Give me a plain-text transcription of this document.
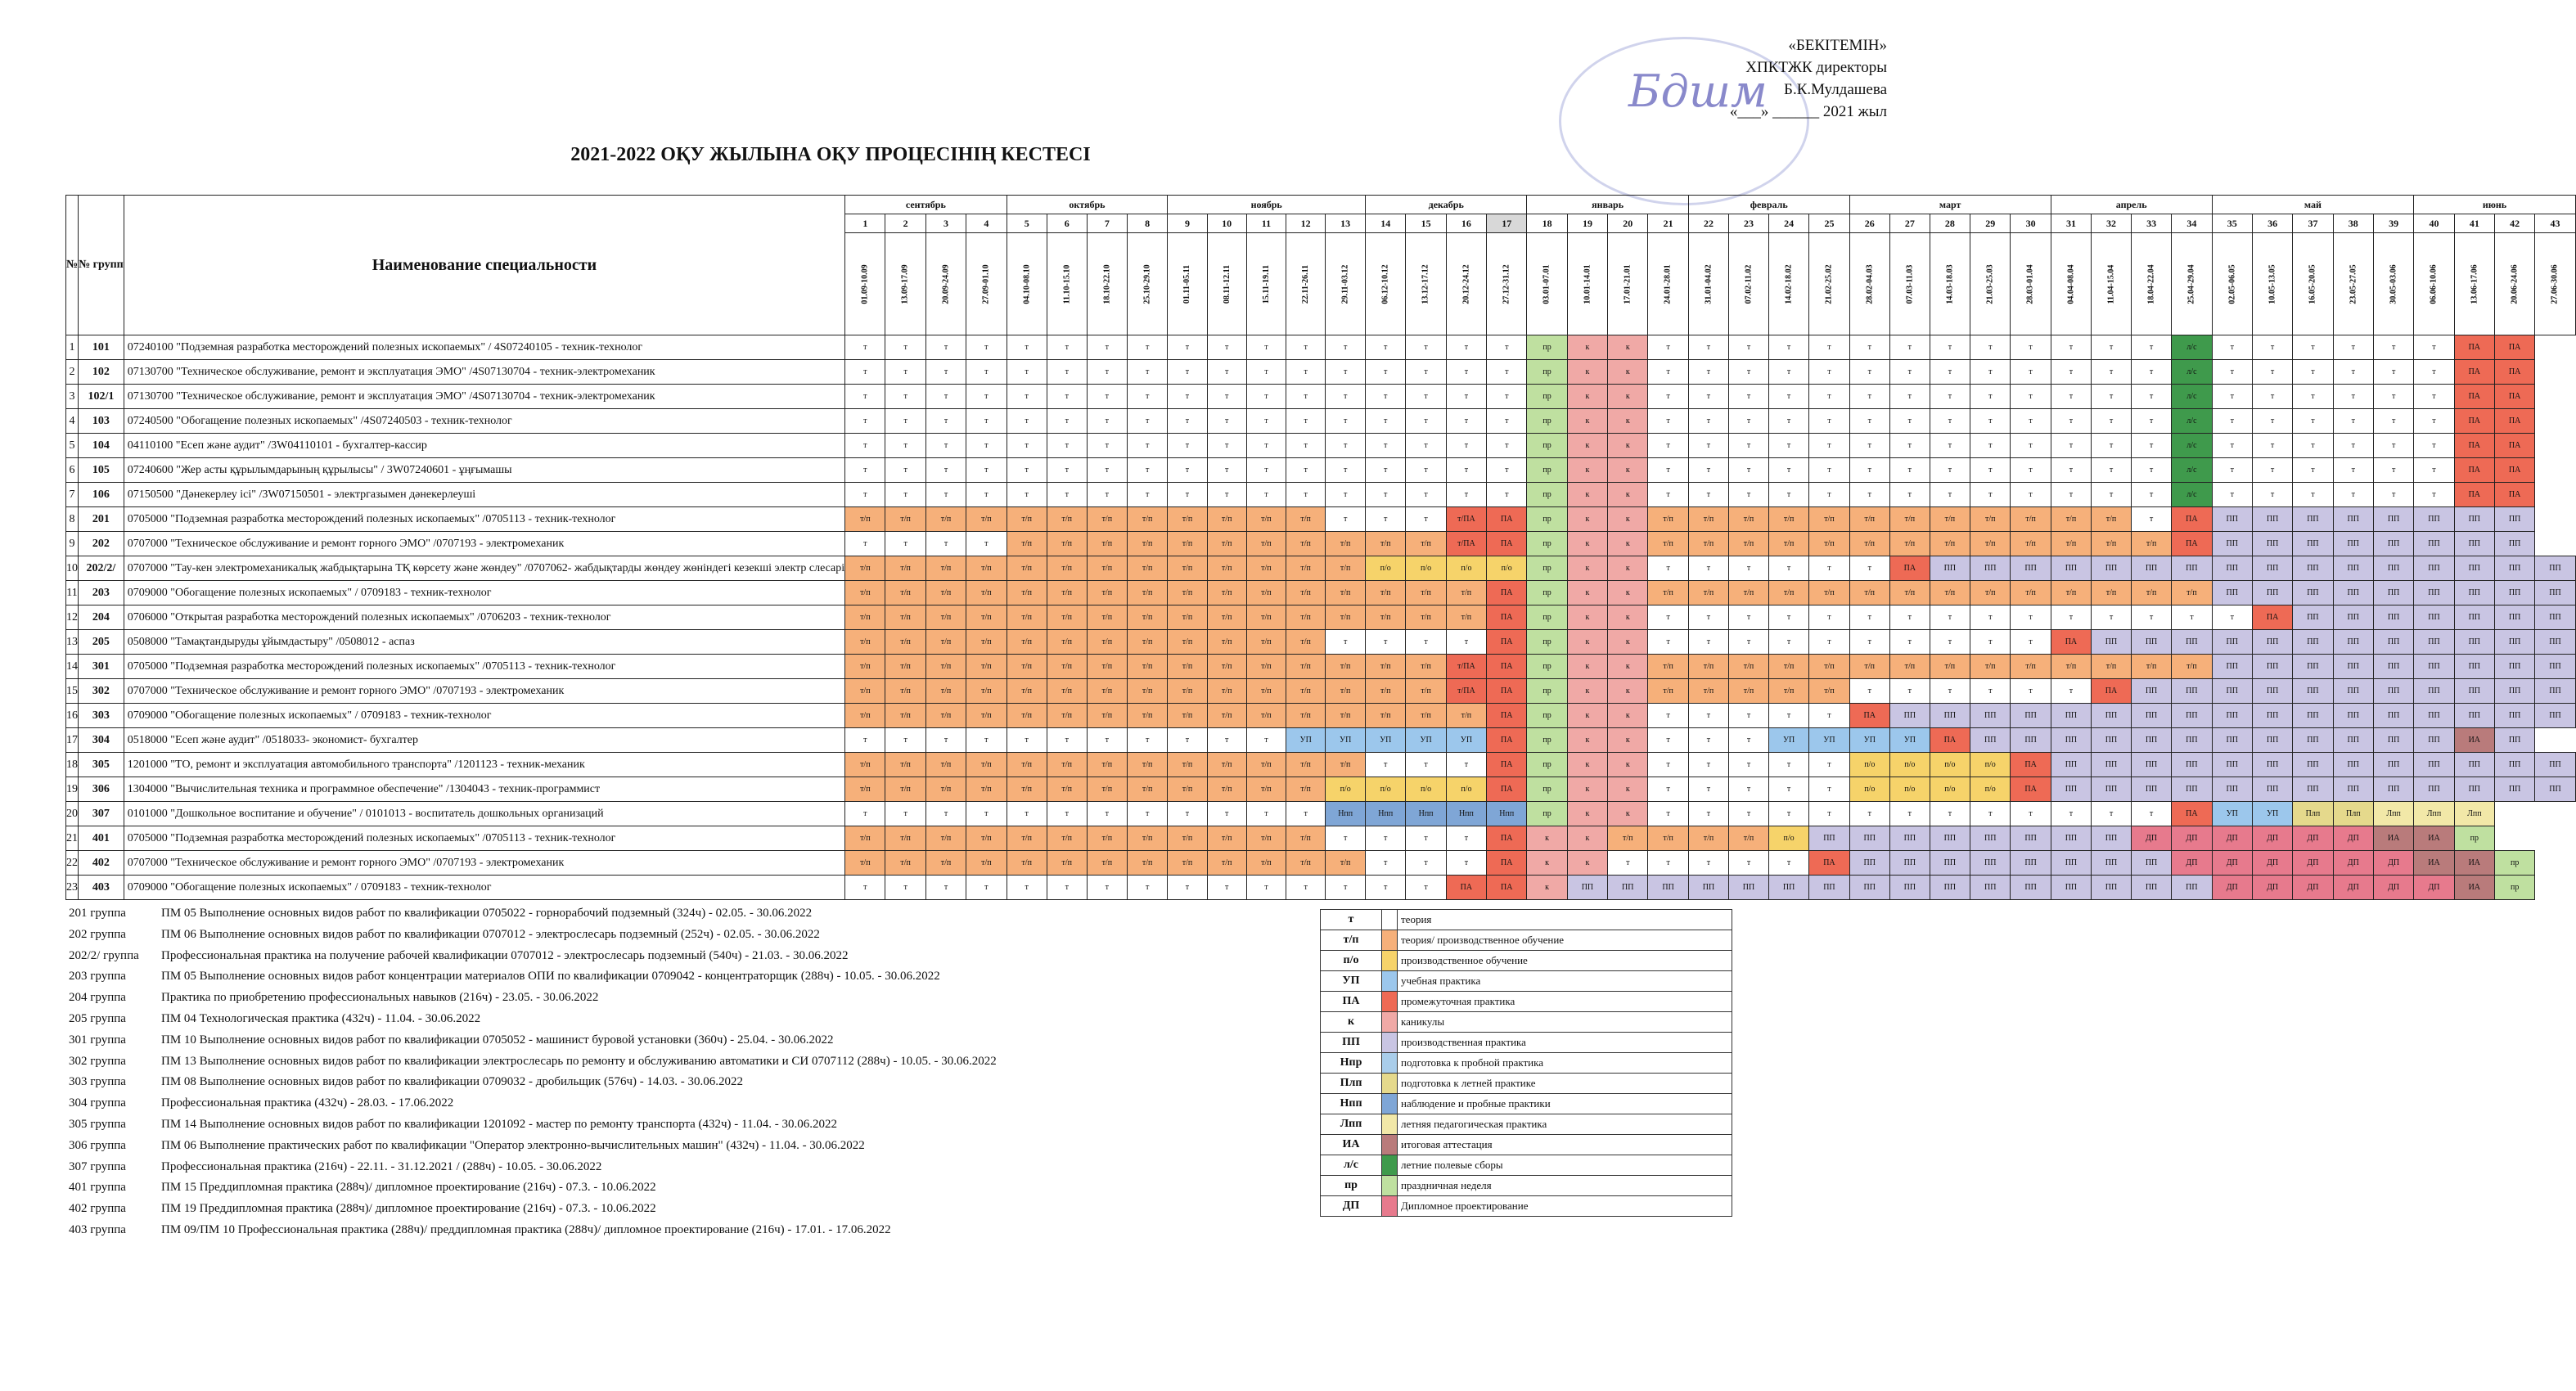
Бдшм
«БЕКІТЕМІН»
ХПКТЖК директоры
Б.К.Мулдашева
«___» ______ 2021 жыл
2021-2022 ОҚУ ЖЫЛЫНА ОҚУ ПРОЦЕСІНІҢ КЕСТЕСІ
№	№ групп	Наименование специальности	сентябрь				октябрь				ноябрь					декабрь				январь				февраль				март					апрель				май					июнь			
			1	2	3	4	5	6	7	8	9	10	11	12	13	14	15	16	17	18	19	20	21	22	23	24	25	26	27	28	29	30	31	32	33	34	35	36	37	38	39	40	41	42	43
			01.09-10.09	13.09-17.09	20.09-24.09	27.09-01.10	04.10-08.10	11.10-15.10	18.10-22.10	25.10-29.10	01.11-05.11	08.11-12.11	15.11-19.11	22.11-26.11	29.11-03.12	06.12-10.12	13.12-17.12	20.12-24.12	27.12-31.12	03.01-07.01	10.01-14.01	17.01-21.01	24.01-28.01	31.01-04.02	07.02-11.02	14.02-18.02	21.02-25.02	28.02-04.03	07.03-11.03	14.03-18.03	21.03-25.03	28.03-01.04	04.04-08.04	11.04-15.04	18.04-22.04	25.04-29.04	02.05-06.05	10.05-13.05	16.05-20.05	23.05-27.05	30.05-03.06	06.06-10.06	13.06-17.06	20.06-24.06	27.06-30.06
1	101	07240100 "Подземная разработка месторождений полезных ископаемых" / 4S07240105 - техник-технолог	т	т	т	т	т	т	т	т	т	т	т	т	т	т	т	т	т	пр	к	к	т	т	т	т	т	т	т	т	т	т	т	т	т	л/с	т	т	т	т	т	т	ПА	ПА	
2	102	07130700 "Техническое обслуживание, ремонт и эксплуатация ЭМО" /4S07130704 - техник-электромеханик	т	т	т	т	т	т	т	т	т	т	т	т	т	т	т	т	т	пр	к	к	т	т	т	т	т	т	т	т	т	т	т	т	т	л/с	т	т	т	т	т	т	ПА	ПА	
3	102/1	07130700 "Техническое обслуживание, ремонт и эксплуатация ЭМО" /4S07130704 - техник-электромеханик	т	т	т	т	т	т	т	т	т	т	т	т	т	т	т	т	т	пр	к	к	т	т	т	т	т	т	т	т	т	т	т	т	т	л/с	т	т	т	т	т	т	ПА	ПА	
4	103	07240500 "Обогащение полезных ископаемых" /4S07240503 - техник-технолог	т	т	т	т	т	т	т	т	т	т	т	т	т	т	т	т	т	пр	к	к	т	т	т	т	т	т	т	т	т	т	т	т	т	л/с	т	т	т	т	т	т	ПА	ПА	
5	104	04110100 "Есеп және аудит" /3W04110101 - бухгалтер-кассир	т	т	т	т	т	т	т	т	т	т	т	т	т	т	т	т	т	пр	к	к	т	т	т	т	т	т	т	т	т	т	т	т	т	л/с	т	т	т	т	т	т	ПА	ПА	
6	105	07240600 "Жер асты құрылымдарының құрылысы" / 3W07240601 - ұңғымашы	т	т	т	т	т	т	т	т	т	т	т	т	т	т	т	т	т	пр	к	к	т	т	т	т	т	т	т	т	т	т	т	т	т	л/с	т	т	т	т	т	т	ПА	ПА	
7	106	07150500 "Дәнекерлеу ісі" /3W07150501 - электргазымен дәнекерлеуші	т	т	т	т	т	т	т	т	т	т	т	т	т	т	т	т	т	пр	к	к	т	т	т	т	т	т	т	т	т	т	т	т	т	л/с	т	т	т	т	т	т	ПА	ПА	
8	201	0705000 "Подземная разработка месторождений полезных ископаемых" /0705113 - техник-технолог	т/п	т/п	т/п	т/п	т/п	т/п	т/п	т/п	т/п	т/п	т/п	т/п	т	т	т	т/ПА	ПА	пр	к	к	т/п	т/п	т/п	т/п	т/п	т/п	т/п	т/п	т/п	т/п	т/п	т/п	т	ПА	ПП	ПП	ПП	ПП	ПП	ПП	ПП	ПП	
9	202	0707000 "Техническое обслуживание и ремонт горного ЭМО" /0707193 - электромеханик	т	т	т	т	т/п	т/п	т/п	т/п	т/п	т/п	т/п	т/п	т/п	т/п	т/п	т/ПА	ПА	пр	к	к	т/п	т/п	т/п	т/п	т/п	т/п	т/п	т/п	т/п	т/п	т/п	т/п	т/п	ПА	ПП	ПП	ПП	ПП	ПП	ПП	ПП	ПП	
10	202/2/	0707000 "Тау-кен электромеханикалық жабдықтарына ТҚ көрсету және жөндеу" /0707062- жабдықтарды жөндеу жөніндегі кезекші электр слесарі	т/п	т/п	т/п	т/п	т/п	т/п	т/п	т/п	т/п	т/п	т/п	т/п	т/п	п/о	п/о	п/о	п/о	пр	к	к	т	т	т	т	т	т	ПА	ПП	ПП	ПП	ПП	ПП	ПП	ПП	ПП	ПП	ПП	ПП	ПП	ПП	ПП	ПП	ПП
11	203	0709000 "Обогащение полезных ископаемых" / 0709183 - техник-технолог	т/п	т/п	т/п	т/п	т/п	т/п	т/п	т/п	т/п	т/п	т/п	т/п	т/п	т/п	т/п	т/п	ПА	пр	к	к	т/п	т/п	т/п	т/п	т/п	т/п	т/п	т/п	т/п	т/п	т/п	т/п	т/п	т/п	ПП	ПП	ПП	ПП	ПП	ПП	ПП	ПП	ПП
12	204	0706000 "Открытая разработка месторождений полезных ископаемых" /0706203 - техник-технолог	т/п	т/п	т/п	т/п	т/п	т/п	т/п	т/п	т/п	т/п	т/п	т/п	т/п	т/п	т/п	т/п	ПА	пр	к	к	т	т	т	т	т	т	т	т	т	т	т	т	т	т	т	ПА	ПП	ПП	ПП	ПП	ПП	ПП	ПП
13	205	0508000 "Тамақтандыруды ұйымдастыру" /0508012 - аспаз	т/п	т/п	т/п	т/п	т/п	т/п	т/п	т/п	т/п	т/п	т/п	т/п	т	т	т	т	ПА	пр	к	к	т	т	т	т	т	т	т	т	т	т	ПА	ПП	ПП	ПП	ПП	ПП	ПП	ПП	ПП	ПП	ПП	ПП	ПП
14	301	0705000 "Подземная разработка месторождений полезных ископаемых" /0705113 - техник-технолог	т/п	т/п	т/п	т/п	т/п	т/п	т/п	т/п	т/п	т/п	т/п	т/п	т/п	т/п	т/п	т/ПА	ПА	пр	к	к	т/п	т/п	т/п	т/п	т/п	т/п	т/п	т/п	т/п	т/п	т/п	т/п	т/п	т/п	ПП	ПП	ПП	ПП	ПП	ПП	ПП	ПП	ПП
15	302	0707000 "Техническое обслуживание и ремонт горного ЭМО" /0707193 - электромеханик	т/п	т/п	т/п	т/п	т/п	т/п	т/п	т/п	т/п	т/п	т/п	т/п	т/п	т/п	т/п	т/ПА	ПА	пр	к	к	т/п	т/п	т/п	т/п	т/п	т	т	т	т	т	т	ПА	ПП	ПП	ПП	ПП	ПП	ПП	ПП	ПП	ПП	ПП	ПП
16	303	0709000 "Обогащение полезных ископаемых" / 0709183 - техник-технолог	т/п	т/п	т/п	т/п	т/п	т/п	т/п	т/п	т/п	т/п	т/п	т/п	т/п	т/п	т/п	т/п	ПА	пр	к	к	т	т	т	т	т	ПА	ПП	ПП	ПП	ПП	ПП	ПП	ПП	ПП	ПП	ПП	ПП	ПП	ПП	ПП	ПП	ПП	ПП
17	304	0518000 "Есеп және аудит" /0518033- экономист- бухгалтер	т	т	т	т	т	т	т	т	т	т	т	УП	УП	УП	УП	УП	ПА	пр	к	к	т	т	т	УП	УП	УП	УП	ПА	ПП	ПП	ПП	ПП	ПП	ПП	ПП	ПП	ПП	ПП	ПП	ПП	ИА	ПП	
18	305	1201000 "ТО, ремонт и эксплуатация автомобильного транспорта" /1201123 - техник-механик	т/п	т/п	т/п	т/п	т/п	т/п	т/п	т/п	т/п	т/п	т/п	т/п	т/п	т	т	т	ПА	пр	к	к	т	т	т	т	т	п/о	п/о	п/о	п/о	ПА	ПП	ПП	ПП	ПП	ПП	ПП	ПП	ПП	ПП	ПП	ПП	ПП	ПП
19	306	1304000 "Вычислительная техника и программное обеспечение" /1304043 - техник-программист	т/п	т/п	т/п	т/п	т/п	т/п	т/п	т/п	т/п	т/п	т/п	т/п	п/о	п/о	п/о	п/о	ПА	пр	к	к	т	т	т	т	т	п/о	п/о	п/о	п/о	ПА	ПП	ПП	ПП	ПП	ПП	ПП	ПП	ПП	ПП	ПП	ПП	ПП	ПП
20	307	0101000 "Дошкольное воспитание и обучение" / 0101013 - воспитатель дошкольных организаций	т	т	т	т	т	т	т	т	т	т	т	т	Нпп	Нпп	Нпп	Нпп	Нпп	пр	к	к	т	т	т	т	т	т	т	т	т	т	т	т	т	ПА	УП	УП	Плп	Плп	Лпп	Лпп	Лпп		
21	401	0705000 "Подземная разработка месторождений полезных ископаемых" /0705113 - техник-технолог	т/п	т/п	т/п	т/п	т/п	т/п	т/п	т/п	т/п	т/п	т/п	т/п	т	т	т	т	ПА	к	к	т/п	т/п	т/п	т/п	п/о	ПП	ПП	ПП	ПП	ПП	ПП	ПП	ПП	ДП	ДП	ДП	ДП	ДП	ДП	ИА	ИА	пр		
22	402	0707000 "Техническое обслуживание и ремонт горного ЭМО" /0707193 - электромеханик	т/п	т/п	т/п	т/п	т/п	т/п	т/п	т/п	т/п	т/п	т/п	т/п	т/п	т	т	т	ПА	к	к	т	т	т	т	т	ПА	ПП	ПП	ПП	ПП	ПП	ПП	ПП	ПП	ДП	ДП	ДП	ДП	ДП	ДП	ИА	ИА	пр	
23	403	0709000 "Обогащение полезных ископаемых" / 0709183 - техник-технолог	т	т	т	т	т	т	т	т	т	т	т	т	т	т	т	ПА	ПА	к	ПП	ПП	ПП	ПП	ПП	ПП	ПП	ПП	ПП	ПП	ПП	ПП	ПП	ПП	ПП	ПП	ДП	ДП	ДП	ДП	ДП	ДП	ИА	пр	
201 группа	ПМ 05 Выполнение основных видов работ по квалификации 0705022 - горнорабочий подземный (324ч) - 02.05. - 30.06.2022
202 группа	ПМ 06 Выполнение основных видов работ по квалификации 0707012 - электрослесарь подземный (252ч) - 02.05. - 30.06.2022
202/2/ группа Профессиональная практика на получение рабочей квалификации 0707012 - электрослесарь подземный (540ч) - 21.03. - 30.06.2022
203 группа	ПМ 05 Выполнение основных видов работ концентрации материалов ОПИ по квалификации 0709042 - концентраторщик (288ч) - 10.05. - 30.06.2022
204 группа	Практика по приобретению профессиональных навыков (216ч) - 23.05. - 30.06.2022
205 группа	ПМ 04 Технологическая практика (432ч) - 11.04. - 30.06.2022
301 группа	ПМ 10 Выполнение основных видов работ по квалификации 0705052 - машинист буровой установки (360ч) - 25.04. - 30.06.2022
302 группа	ПМ 13 Выполнение основных видов работ по квалификации электрослесарь по ремонту и обслуживанию автоматики и СИ 0707112 (288ч) - 10.05. - 30.06.2022
303 группа	ПМ 08 Выполнение основных видов работ по квалификации 0709032 - дробильщик (576ч) - 14.03. - 30.06.2022
304 группа	Профессиональная практика (432ч) - 28.03. - 17.06.2022
305 группа	ПМ 14 Выполнение основных видов работ по квалификации 1201092 - мастер по ремонту транспорта (432ч) - 11.04. - 30.06.2022
306 группа	ПМ 06 Выполнение практических работ по квалификации "Оператор электронно-вычислительных машин" (432ч) - 11.04. - 30.06.2022
307 группа	Профессиональная практика (216ч) - 22.11. - 31.12.2021 / (288ч) - 10.05. - 30.06.2022
401 группа	ПМ 15 Преддипломная практика (288ч)/ дипломное проектирование (216ч) - 07.3. - 10.06.2022
402 группа	ПМ 19 Преддипломная практика (288ч)/ дипломное проектирование (216ч) - 07.3. - 10.06.2022
403 группа	ПМ 09/ПМ 10 Профессиональная практика (288ч)/ преддипломная практика (288ч)/ дипломное проектирование (216ч) - 17.01. - 17.06.2022
т		теория
т/п		теория/ производственное обучение
п/о		производственное обучение
УП		учебная практика
ПА		промежуточная практика
к		каникулы
ПП		производственная практика
Нпр		подготовка к пробной практика
Плп		подготовка к летней практике
Нпп		наблюдение и пробные практики
Лпп		летняя педагогическая практика
ИА		итоговая аттестация
л/с		летние полевые сборы
пр		праздничная неделя
ДП		Дипломное проектирование
